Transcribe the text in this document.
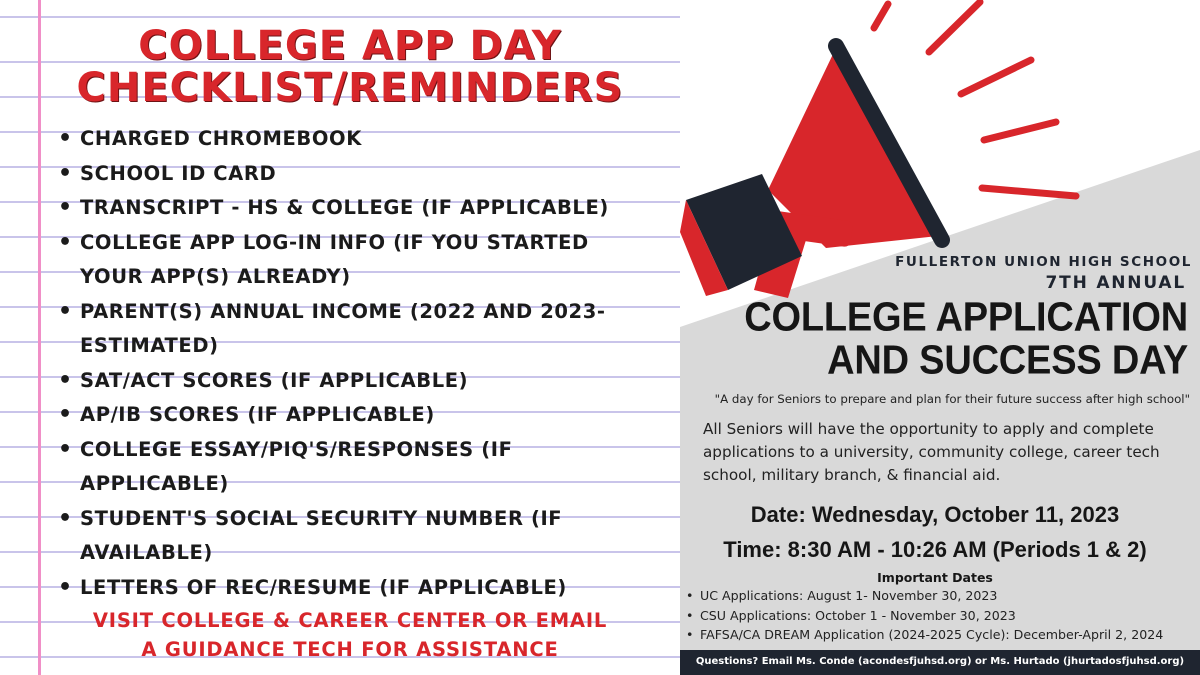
COLLEGE APP DAY
CHECKLIST/REMINDERS
• CHARGED CHROMEBOOK
• SCHOOL ID CARD
• TRANSCRIPT - HS & COLLEGE (IF APPLICABLE)
• COLLEGE APP LOG-IN INFO (IF YOU STARTED YOUR APP(S) ALREADY)
• PARENT(S) ANNUAL INCOME (2022 AND 2023- ESTIMATED)
• SAT/ACT SCORES (IF APPLICABLE)
• AP/IB SCORES (IF APPLICABLE)
• COLLEGE ESSAY/PIQ'S/RESPONSES (IF APPLICABLE)
• STUDENT'S SOCIAL SECURITY NUMBER (IF AVAILABLE)
• LETTERS OF REC/RESUME (IF APPLICABLE)
VISIT COLLEGE & CAREER CENTER OR EMAIL
A GUIDANCE TECH FOR ASSISTANCE
FULLERTON UNION HIGH SCHOOL
7TH ANNUAL
COLLEGE APPLICATION
AND SUCCESS DAY
"A day for Seniors to prepare and plan for their future success after high school"
All Seniors will have the opportunity to apply and complete applications to a university, community college, career tech school, military branch, & financial aid.
Date: Wednesday, October 11, 2023
Time: 8:30 AM - 10:26 AM (Periods 1 & 2)
Important Dates
• UC Applications: August 1- November 30, 2023
• CSU Applications: October 1 - November 30, 2023
• FAFSA/CA DREAM Application (2024-2025 Cycle): December-April 2, 2024
Questions? Email Ms. Conde (acondesfjuhsd.org) or Ms. Hurtado (jhurtadosfjuhsd.org)
